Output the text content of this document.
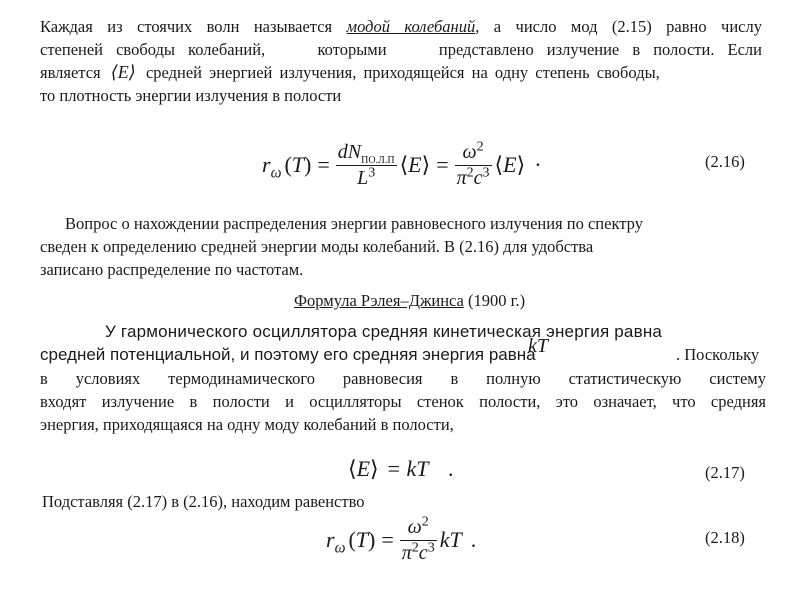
Каждая из стоячих волн называется модой колебаний, а число мод (2.15) равно числу
степеней свободы колебаний,    которыми    представлено излучение в полости. Если
является ⟨E⟩ средней энергией излучения, приходящейся на одну степень свободы,
то плотность энергии излучения в полости
$r_\omega$ $(T) = \frac{dN_{ПО.Л.П}}{L^3}$ ⟨E⟩ = $\frac{\omega^2}{\pi^2c^3}$ ⟨E⟩ ·	(2.16)
Вопрос о нахождении распределения энергии равновесного излучения по спектру
сведен к определению средней энергии моды колебаний. В (2.16) для удобства
записано распределение по частотам.
Формула Рэлея–Джинса (1900 г.)
У гармонического осциллятора средняя кинетическая энергия равна
средней потенциальной, и поэтому его средняя энергия равна
kT	. Поскольку
в условиях термодинамического равновесия в полную статистическую систему
входят излучение в полости и осцилляторы стенок полости, это означает, что средняя
энергия, приходящаяся на одну моду колебаний в полости,
⟨E⟩ = kT .	(2.17)
Подставляя (2.17) в (2.16), находим равенство
$r_\omega$ $(T) = \frac{\omega^2}{\pi^2c^3}$ kT .	(2.18)
